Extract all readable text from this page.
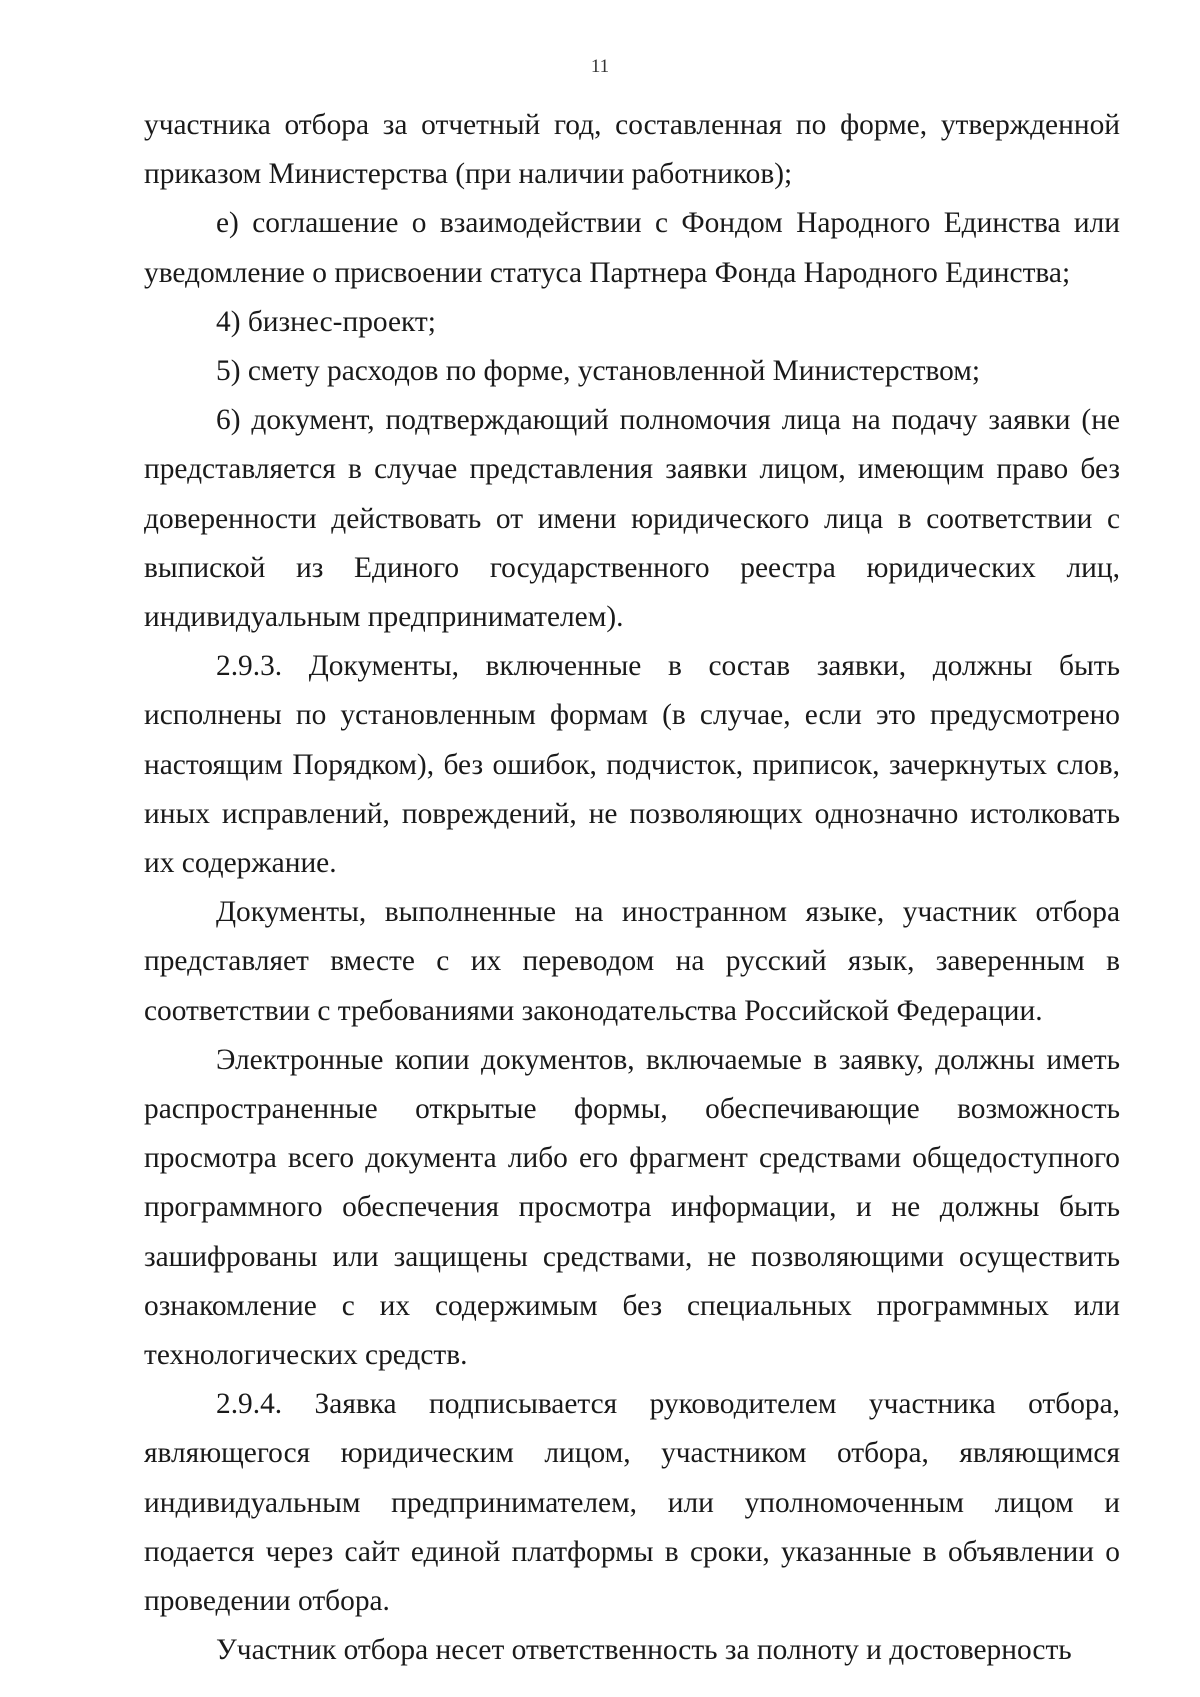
11

участника отбора за отчетный год, составленная по форме, утвержденной приказом Министерства (при наличии работников);

е) соглашение о взаимодействии с Фондом Народного Единства или уведомление о присвоении статуса Партнера Фонда Народного Единства;

4) бизнес-проект;

5) смету расходов по форме, установленной Министерством;

6) документ, подтверждающий полномочия лица на подачу заявки (не представляется в случае представления заявки лицом, имеющим право без доверенности действовать от имени юридического лица в соответствии с выпиской из Единого государственного реестра юридических лиц, индивидуальным предпринимателем).

2.9.3. Документы, включенные в состав заявки, должны быть исполнены по установленным формам (в случае, если это предусмотрено настоящим Порядком), без ошибок, подчисток, приписок, зачеркнутых слов, иных исправлений, повреждений, не позволяющих однозначно истолковать их содержание.

Документы, выполненные на иностранном языке, участник отбора представляет вместе с их переводом на русский язык, заверенным в соответствии с требованиями законодательства Российской Федерации.

Электронные копии документов, включаемые в заявку, должны иметь распространенные открытые формы, обеспечивающие возможность просмотра всего документа либо его фрагмент средствами общедоступного программного обеспечения просмотра информации, и не должны быть зашифрованы или защищены средствами, не позволяющими осуществить ознакомление с их содержимым без специальных программных или технологических средств.

2.9.4. Заявка подписывается руководителем участника отбора, являющегося юридическим лицом, участником отбора, являющимся индивидуальным предпринимателем, или уполномоченным лицом и подается через сайт единой платформы в сроки, указанные в объявлении о проведении отбора.

Участник отбора несет ответственность за полноту и достоверность
